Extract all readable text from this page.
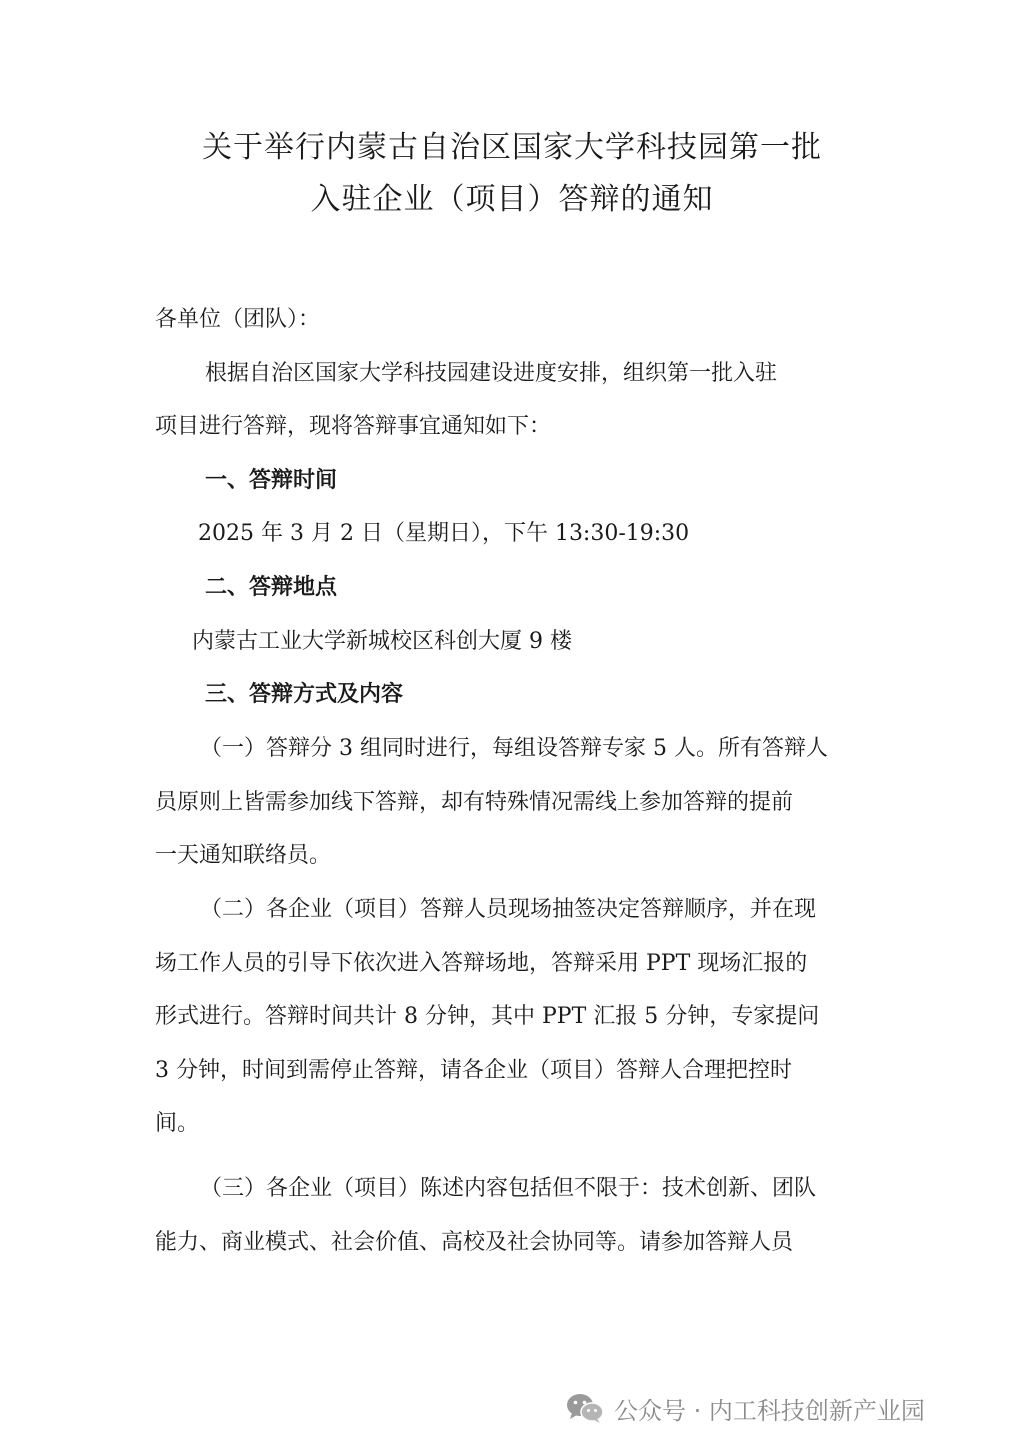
关于举行内蒙古自治区国家大学科技园第一批
入驻企业（项目）答辩的通知

各单位（团队）：

根据自治区国家大学科技园建设进度安排，组织第一批入驻

项目进行答辩，现将答辩事宜通知如下：

一、答辩时间

2025 年 3 月 2 日（星期日），下午 13:30-19:30

二、答辩地点

内蒙古工业大学新城校区科创大厦 9 楼

三、答辩方式及内容

（一）答辩分 3 组同时进行，每组设答辩专家 5 人。所有答辩人

员原则上皆需参加线下答辩，却有特殊情况需线上参加答辩的提前

一天通知联络员。

（二）各企业（项目）答辩人员现场抽签决定答辩顺序，并在现

场工作人员的引导下依次进入答辩场地，答辩采用 PPT 现场汇报的

形式进行。答辩时间共计 8 分钟，其中 PPT 汇报 5 分钟，专家提问

3 分钟，时间到需停止答辩，请各企业（项目）答辩人合理把控时

间。

（三）各企业（项目）陈述内容包括但不限于：技术创新、团队

能力、商业模式、社会价值、高校及社会协同等。请参加答辩人员

公众号 · 内工科技创新产业园
